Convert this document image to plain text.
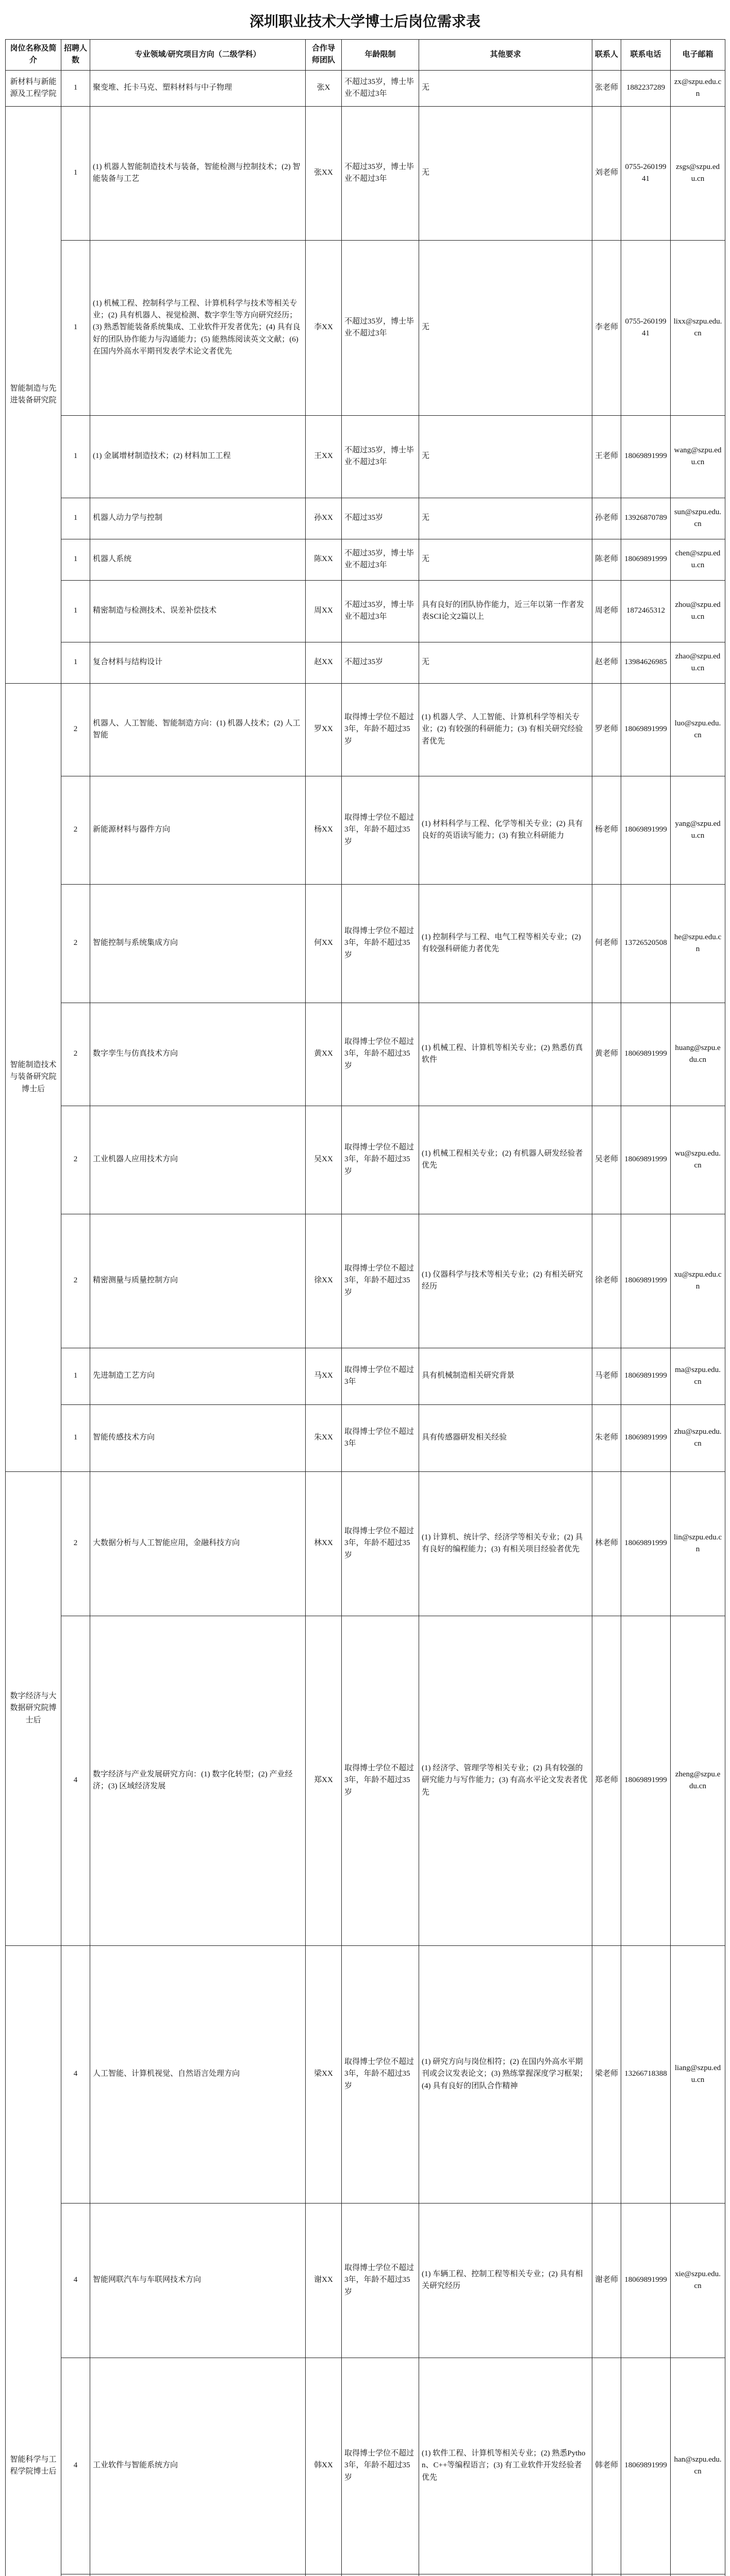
深圳职业技术大学博士后岗位需求表
岗位名称及简介	招聘人数	专业领域/研究项目方向（二级学科）	合作导师团队	年龄限制	其他要求	联系人	联系电话	电子邮箱
新材料与新能源及工程学院	1	聚变堆、托卡马克、塑料材料与中子物理	张X	不超过35岁，博士毕业不超过3年	无	张老师	1882237289	zx@szpu.edu.cn
智能制造与先进装备研究院	1	(1) 机器人智能制造技术与装备，智能检测与控制技术；(2) 智能装备与工艺	张XX	不超过35岁，博士毕业不超过3年	无	刘老师	0755-26019941	zsgs@szpu.edu.cn
	1	(1) 机械工程、控制科学与工程、计算机科学与技术等相关专业；(2) 具有机器人、视觉检测、数字孪生等方向研究经历；(3) 熟悉智能装备系统集成、工业软件开发者优先；(4) 具有良好的团队协作能力与沟通能力；(5) 能熟练阅读英文文献；(6) 在国内外高水平期刊发表学术论文者优先	李XX	不超过35岁，博士毕业不超过3年	无	李老师	0755-26019941	lixx@szpu.edu.cn
	1	(1) 金属增材制造技术；(2) 材料加工工程	王XX	不超过35岁，博士毕业不超过3年	无	王老师	18069891999	wang@szpu.edu.cn
	1	机器人动力学与控制	孙XX	不超过35岁	无	孙老师	13926870789	sun@szpu.edu.cn
	1	机器人系统	陈XX	不超过35岁，博士毕业不超过3年	无	陈老师	18069891999	chen@szpu.edu.cn
	1	精密制造与检测技术、误差补偿技术	周XX	不超过35岁，博士毕业不超过3年	具有良好的团队协作能力，近三年以第一作者发表SCI论文2篇以上	周老师	1872465312	zhou@szpu.edu.cn
	1	复合材料与结构设计	赵XX	不超过35岁	无	赵老师	13984626985	zhao@szpu.edu.cn
智能制造技术与装备研究院博士后	2	机器人、人工智能、智能制造方向：(1) 机器人技术；(2) 人工智能	罗XX	取得博士学位不超过3年，年龄不超过35岁	(1) 机器人学、人工智能、计算机科学等相关专业；(2) 有较强的科研能力；(3) 有相关研究经验者优先	罗老师	18069891999	luo@szpu.edu.cn
	2	新能源材料与器件方向	杨XX	取得博士学位不超过3年，年龄不超过35岁	(1) 材料科学与工程、化学等相关专业；(2) 具有良好的英语读写能力；(3) 有独立科研能力	杨老师	18069891999	yang@szpu.edu.cn
	2	智能控制与系统集成方向	何XX	取得博士学位不超过3年，年龄不超过35岁	(1) 控制科学与工程、电气工程等相关专业；(2) 有较强科研能力者优先	何老师	13726520508	he@szpu.edu.cn
	2	数字孪生与仿真技术方向	黄XX	取得博士学位不超过3年，年龄不超过35岁	(1) 机械工程、计算机等相关专业；(2) 熟悉仿真软件	黄老师	18069891999	huang@szpu.edu.cn
	2	工业机器人应用技术方向	吴XX	取得博士学位不超过3年，年龄不超过35岁	(1) 机械工程相关专业；(2) 有机器人研发经验者优先	吴老师	18069891999	wu@szpu.edu.cn
	2	精密测量与质量控制方向	徐XX	取得博士学位不超过3年，年龄不超过35岁	(1) 仪器科学与技术等相关专业；(2) 有相关研究经历	徐老师	18069891999	xu@szpu.edu.cn
	1	先进制造工艺方向	马XX	取得博士学位不超过3年	具有机械制造相关研究背景	马老师	18069891999	ma@szpu.edu.cn
	1	智能传感技术方向	朱XX	取得博士学位不超过3年	具有传感器研发相关经验	朱老师	18069891999	zhu@szpu.edu.cn
数字经济与大数据研究院博士后	2	大数据分析与人工智能应用，金融科技方向	林XX	取得博士学位不超过3年，年龄不超过35岁	(1) 计算机、统计学、经济学等相关专业；(2) 具有良好的编程能力；(3) 有相关项目经验者优先	林老师	18069891999	lin@szpu.edu.cn
	4	数字经济与产业发展研究方向：(1) 数字化转型；(2) 产业经济；(3) 区域经济发展	郑XX	取得博士学位不超过3年，年龄不超过35岁	(1) 经济学、管理学等相关专业；(2) 具有较强的研究能力与写作能力；(3) 有高水平论文发表者优先	郑老师	18069891999	zheng@szpu.edu.cn
智能科学与工程学院博士后	4	人工智能、计算机视觉、自然语言处理方向	梁XX	取得博士学位不超过3年，年龄不超过35岁	(1) 研究方向与岗位相符；(2) 在国内外高水平期刊或会议发表论文；(3) 熟练掌握深度学习框架；(4) 具有良好的团队合作精神	梁老师	13266718388	liang@szpu.edu.cn
	4	智能网联汽车与车联网技术方向	谢XX	取得博士学位不超过3年，年龄不超过35岁	(1) 车辆工程、控制工程等相关专业；(2) 具有相关研究经历	谢老师	18069891999	xie@szpu.edu.cn
	4	工业软件与智能系统方向	韩XX	取得博士学位不超过3年，年龄不超过35岁	(1) 软件工程、计算机等相关专业；(2) 熟悉Python、C++等编程语言；(3) 有工业软件开发经验者优先	韩老师	18069891999	han@szpu.edu.cn
